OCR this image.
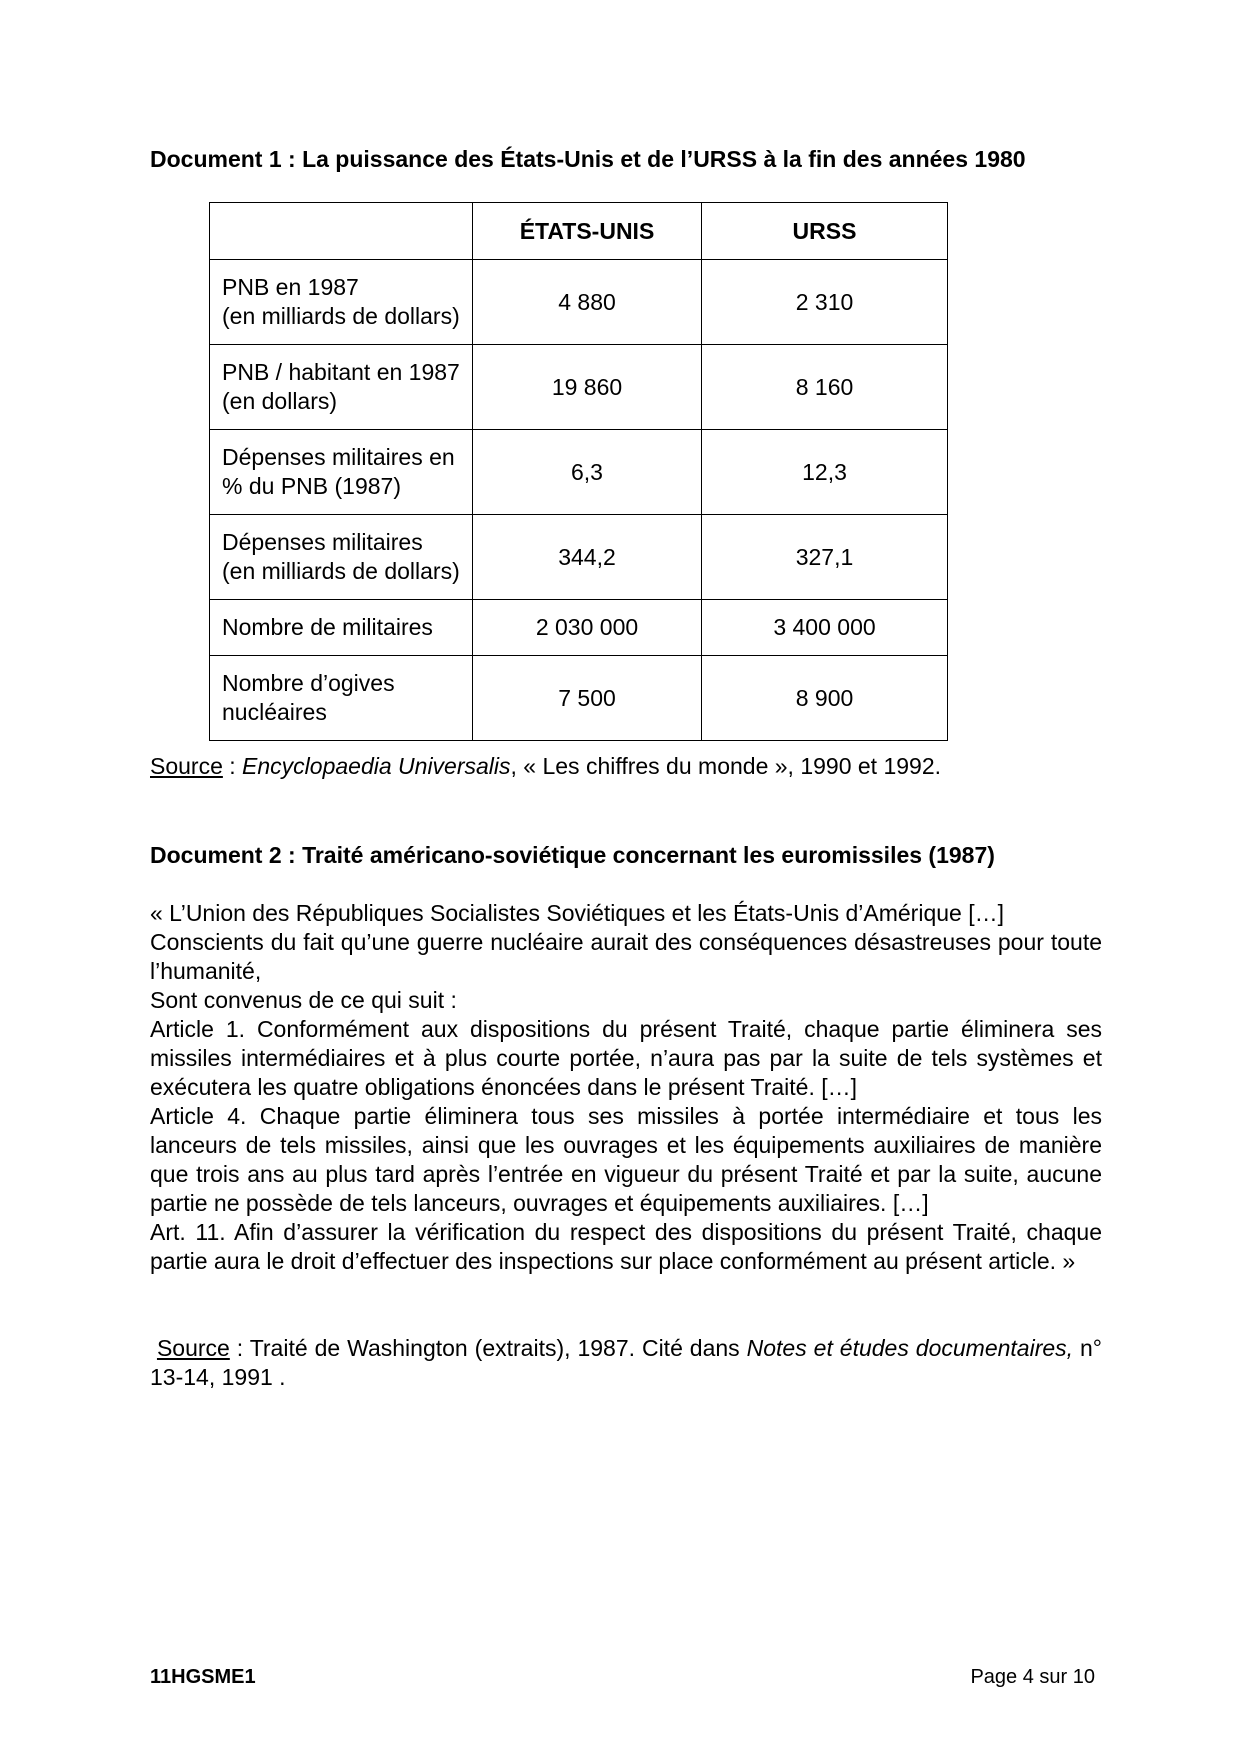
Document 1 : La puissance des États-Unis et de l’URSS à la fin des années 1980

	ÉTATS-UNIS	URSS
PNB en 1987
(en milliards de dollars)	4 880	2 310
PNB / habitant en 1987
(en dollars)	19 860	8 160
Dépenses militaires en
% du PNB (1987)	6,3	12,3
Dépenses militaires
(en milliards de dollars)	344,2	327,1
Nombre de militaires	2 030 000	3 400 000
Nombre d’ogives
nucléaires	7 500	8 900
Source : Encyclopaedia Universalis, « Les chiffres du monde », 1990 et 1992.

Document 2 : Traité américano-soviétique concernant les euromissiles (1987)

« L’Union des Républiques Socialistes Soviétiques et les États-Unis d’Amérique […]

Conscients du fait qu’une guerre nucléaire aurait des conséquences désastreuses pour toute l’humanité,

Sont convenus de ce qui suit :

Article 1. Conformément aux dispositions du présent Traité, chaque partie éliminera ses missiles intermédiaires et à plus courte portée, n’aura pas par la suite de tels systèmes et exécutera les quatre obligations énoncées dans le présent Traité. […]

Article 4. Chaque partie éliminera tous ses missiles à portée intermédiaire et tous les lanceurs de tels missiles, ainsi que les ouvrages et les équipements auxiliaires de manière que trois ans au plus tard après l’entrée en vigueur du présent Traité et par la suite, aucune partie ne possède de tels lanceurs, ouvrages et équipements auxiliaires. […]

Art. 11. Afin d’assurer la vérification du respect des dispositions du présent Traité, chaque partie aura le droit d’effectuer des inspections sur place conformément au présent article. »

Source : Traité de Washington (extraits), 1987. Cité dans Notes et études documentaires, n° 13-14, 1991 .
11HGSME1	Page 4 sur 10
